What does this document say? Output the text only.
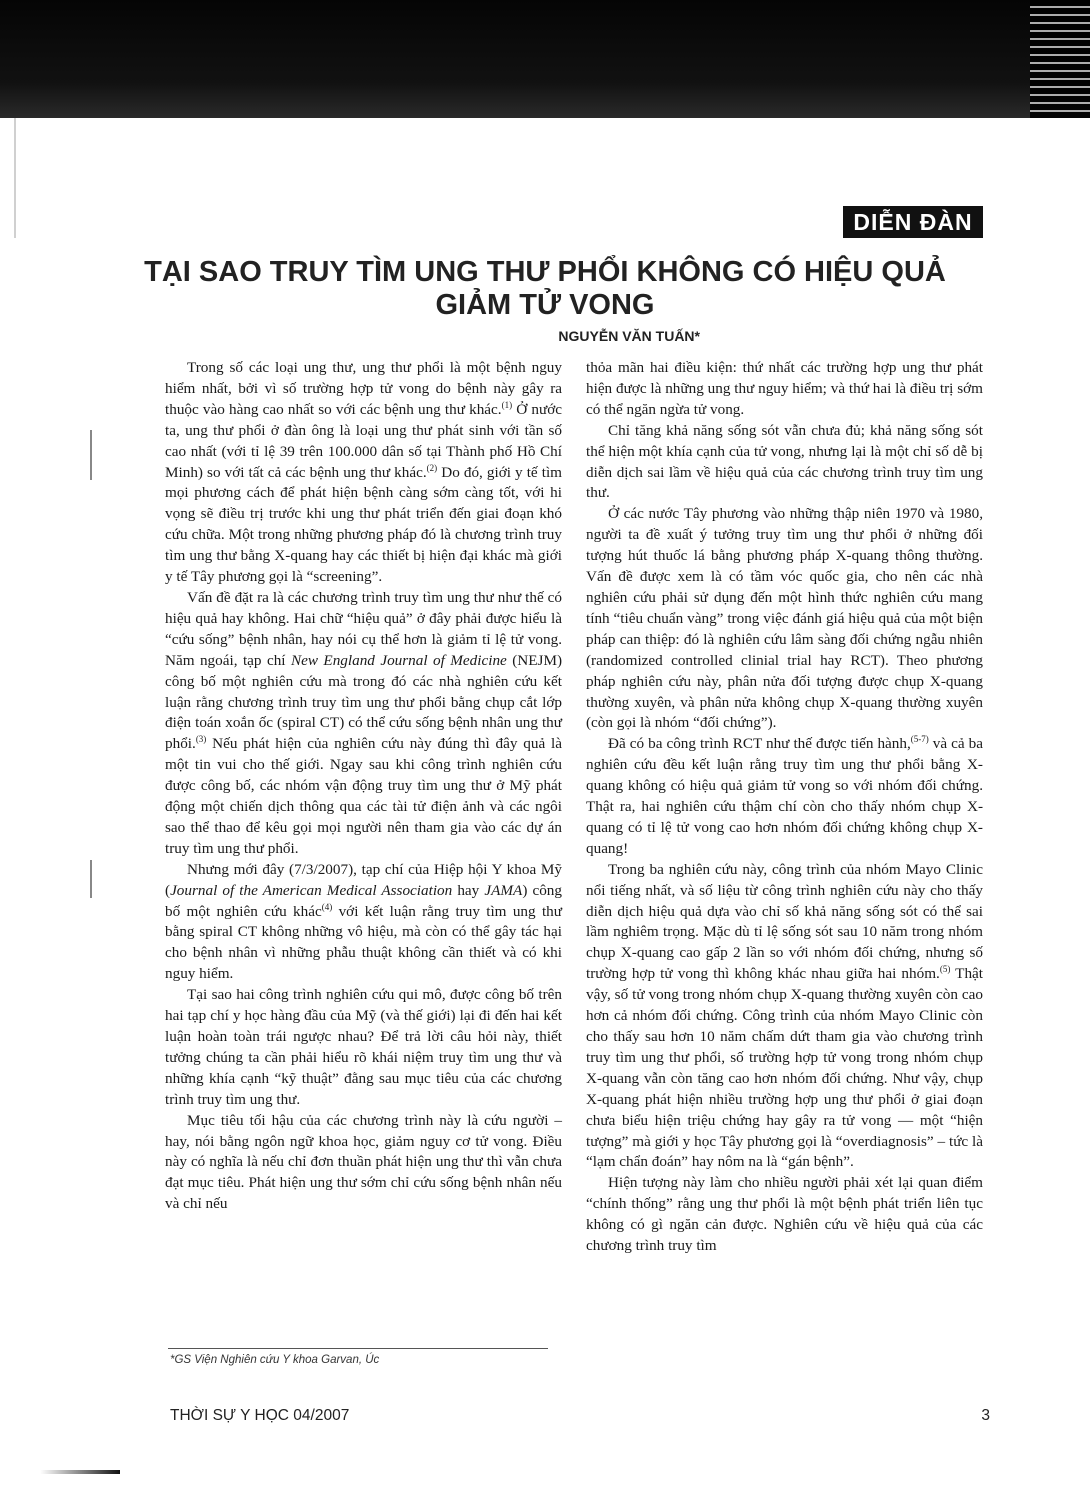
DIỄN ĐÀN
TẠI SAO TRUY TÌM UNG THƯ PHỔI KHÔNG CÓ HIỆU QUẢ GIẢM TỬ VONG
NGUYỄN VĂN TUẤN*

Trong số các loại ung thư, ung thư phổi là một bệnh nguy hiểm nhất, bởi vì số trường hợp tử vong do bệnh này gây ra thuộc vào hàng cao nhất so với các bệnh ung thư khác.$^{(1)}$ Ở nước ta, ung thư phổi ở đàn ông là loại ung thư phát sinh với tần số cao nhất (với tỉ lệ 39 trên 100.000 dân số tại Thành phố Hồ Chí Minh) so với tất cả các bệnh ung thư khác.$^{(2)}$ Do đó, giới y tế tìm mọi phương cách để phát hiện bệnh càng sớm càng tốt, với hi vọng sẽ điều trị trước khi ung thư phát triển đến giai đoạn khó cứu chữa. Một trong những phương pháp đó là chương trình truy tìm ung thư bằng X-quang hay các thiết bị hiện đại khác mà giới y tế Tây phương gọi là “screening”.

Vấn đề đặt ra là các chương trình truy tìm ung thư như thế có hiệu quả hay không. Hai chữ “hiệu quả” ở đây phải được hiểu là “cứu sống” bệnh nhân, hay nói cụ thể hơn là giảm tỉ lệ tử vong. Năm ngoái, tạp chí New England Journal of Medicine (NEJM) công bố một nghiên cứu mà trong đó các nhà nghiên cứu kết luận rằng chương trình truy tìm ung thư phổi bằng chụp cắt lớp điện toán xoắn ốc (spiral CT) có thể cứu sống bệnh nhân ung thư phổi.$^{(3)}$ Nếu phát hiện của nghiên cứu này đúng thì đây quả là một tin vui cho thế giới. Ngay sau khi công trình nghiên cứu được công bố, các nhóm vận động truy tìm ung thư ở Mỹ phát động một chiến dịch thông qua các tài tử điện ảnh và các ngôi sao thể thao để kêu gọi mọi người nên tham gia vào các dự án truy tìm ung thư phổi.

Nhưng mới đây (7/3/2007), tạp chí của Hiệp hội Y khoa Mỹ (Journal of the American Medical Association hay JAMA) công bố một nghiên cứu khác$^{(4)}$ với kết luận rằng truy tìm ung thư bằng spiral CT không những vô hiệu, mà còn có thể gây tác hại cho bệnh nhân vì những phẫu thuật không cần thiết và có khi nguy hiểm.

Tại sao hai công trình nghiên cứu qui mô, được công bố trên hai tạp chí y học hàng đầu của Mỹ (và thế giới) lại đi đến hai kết luận hoàn toàn trái ngược nhau? Để trả lời câu hỏi này, thiết tưởng chúng ta cần phải hiểu rõ khái niệm truy tìm ung thư và những khía cạnh “kỹ thuật” đằng sau mục tiêu của các chương trình truy tìm ung thư.

Mục tiêu tối hậu của các chương trình này là cứu người – hay, nói bằng ngôn ngữ khoa học, giảm nguy cơ tử vong. Điều này có nghĩa là nếu chỉ đơn thuần phát hiện ung thư thì vẫn chưa đạt mục tiêu. Phát hiện ung thư sớm chỉ cứu sống bệnh nhân nếu và chỉ nếu

thỏa mãn hai điều kiện: thứ nhất các trường hợp ung thư phát hiện được là những ung thư nguy hiểm; và thứ hai là điều trị sớm có thể ngăn ngừa tử vong.

Chỉ tăng khả năng sống sót vẫn chưa đủ; khả năng sống sót thể hiện một khía cạnh của tử vong, nhưng lại là một chỉ số dễ bị diễn dịch sai lầm về hiệu quả của các chương trình truy tìm ung thư.

Ở các nước Tây phương vào những thập niên 1970 và 1980, người ta đề xuất ý tưởng truy tìm ung thư phổi ở những đối tượng hút thuốc lá bằng phương pháp X-quang thông thường. Vấn đề được xem là có tầm vóc quốc gia, cho nên các nhà nghiên cứu phải sử dụng đến một hình thức nghiên cứu mang tính “tiêu chuẩn vàng” trong việc đánh giá hiệu quả của một biện pháp can thiệp: đó là nghiên cứu lâm sàng đối chứng ngẫu nhiên (randomized controlled clinial trial hay RCT). Theo phương pháp nghiên cứu này, phân nửa đối tượng được chụp X-quang thường xuyên, và phân nửa không chụp X-quang thường xuyên (còn gọi là nhóm “đối chứng”).

Đã có ba công trình RCT như thế được tiến hành,$^{(5-7)}$ và cả ba nghiên cứu đều kết luận rằng truy tìm ung thư phổi bằng X-quang không có hiệu quả giảm tử vong so với nhóm đối chứng. Thật ra, hai nghiên cứu thậm chí còn cho thấy nhóm chụp X-quang có tỉ lệ tử vong cao hơn nhóm đối chứng không chụp X-quang!

Trong ba nghiên cứu này, công trình của nhóm Mayo Clinic nổi tiếng nhất, và số liệu từ công trình nghiên cứu này cho thấy diễn dịch hiệu quả dựa vào chỉ số khả năng sống sót có thể sai lầm nghiêm trọng. Mặc dù tỉ lệ sống sót sau 10 năm trong nhóm chụp X-quang cao gấp 2 lần so với nhóm đối chứng, nhưng số trường hợp tử vong thì không khác nhau giữa hai nhóm.$^{(5)}$ Thật vậy, số tử vong trong nhóm chụp X-quang thường xuyên còn cao hơn cả nhóm đối chứng. Công trình của nhóm Mayo Clinic còn cho thấy sau hơn 10 năm chấm dứt tham gia vào chương trình truy tìm ung thư phổi, số trường hợp tử vong trong nhóm chụp X-quang vẫn còn tăng cao hơn nhóm đối chứng. Như vậy, chụp X-quang phát hiện nhiều trường hợp ung thư phổi ở giai đoạn chưa biểu hiện triệu chứng hay gây ra tử vong — một “hiện tượng” mà giới y học Tây phương gọi là “overdiagnosis” – tức là “lạm chẩn đoán” hay nôm na là “gán bệnh”.

Hiện tượng này làm cho nhiều người phải xét lại quan điểm “chính thống” rằng ung thư phổi là một bệnh phát triển liên tục không có gì ngăn cản được. Nghiên cứu về hiệu quả của các chương trình truy tìm

*GS Viện Nghiên cứu Y khoa Garvan, Úc
THỜI SỰ Y HỌC 04/2007	3
